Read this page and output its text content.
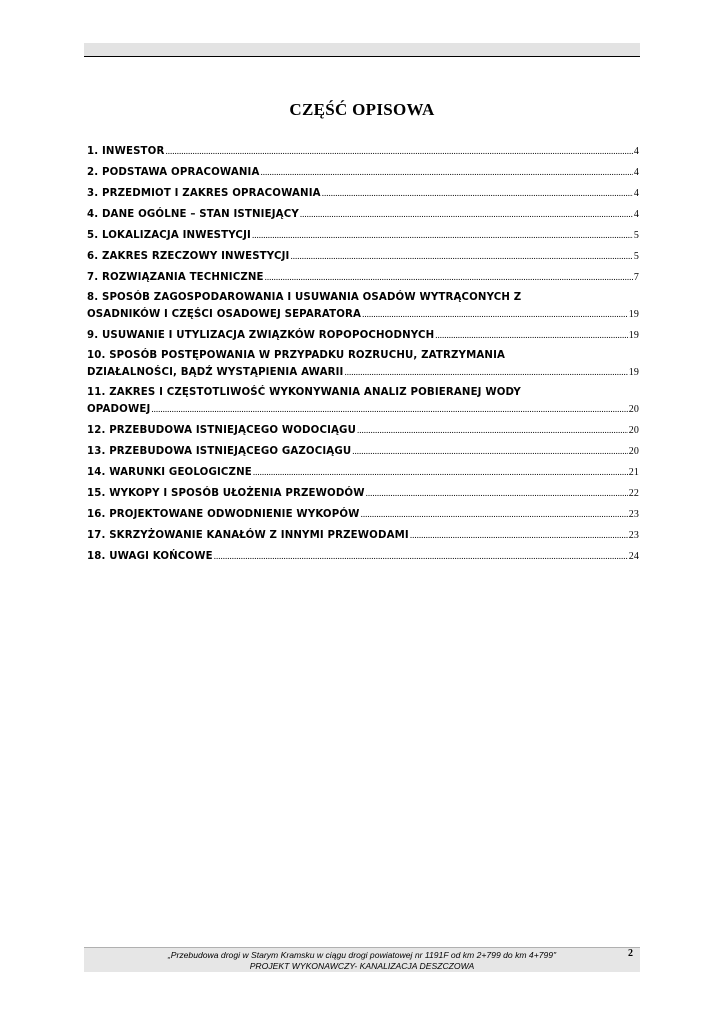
CZĘŚĆ OPISOWA
1. INWESTOR .....	4
2. PODSTAWA OPRACOWANIA .....	4
3. PRZEDMIOT I ZAKRES OPRACOWANIA .....	4
4. DANE OGÓLNE – STAN ISTNIEJĄCY .....	4
5. LOKALIZACJA INWESTYCJI .....	5
6. ZAKRES RZECZOWY INWESTYCJI .....	5
7. ROZWIĄZANIA TECHNICZNE .....	7
8. SPOSÓB ZAGOSPODAROWANIA I USUWANIA OSADÓW WYTRĄCONYCH Z
OSADNIKÓW I CZĘŚCI OSADOWEJ SEPARATORA .....	19
9. USUWANIE I UTYLIZACJA ZWIĄZKÓW ROPOPOCHODNYCH .....	19
10. SPOSÓB POSTĘPOWANIA W PRZYPADKU ROZRUCHU, ZATRZYMANIA
DZIAŁALNOŚCI, BĄDŹ WYSTĄPIENIA AWARII .....	19
11. ZAKRES I CZĘSTOTLIWOŚĆ WYKONYWANIA ANALIZ POBIERANEJ WODY
OPADOWEJ .....	20
12. PRZEBUDOWA ISTNIEJĄCEGO WODOCIĄGU .....	20
13. PRZEBUDOWA ISTNIEJĄCEGO GAZOCIĄGU .....	20
14. WARUNKI GEOLOGICZNE .....	21
15. WYKOPY I SPOSÓB UŁOŻENIA PRZEWODÓW .....	22
16. PROJEKTOWANE ODWODNIENIE WYKOPÓW .....	23
17. SKRZYŻOWANIE KANAŁÓW Z INNYMI PRZEWODAMI .....	23
18. UWAGI KOŃCOWE .....	24
„Przebudowa drogi w Starym Kramsku w ciągu drogi powiatowej nr 1191F od km 2+799 do km 4+799"
PROJEKT WYKONAWCZY- KANALIZACJA DESZCZOWA
2
